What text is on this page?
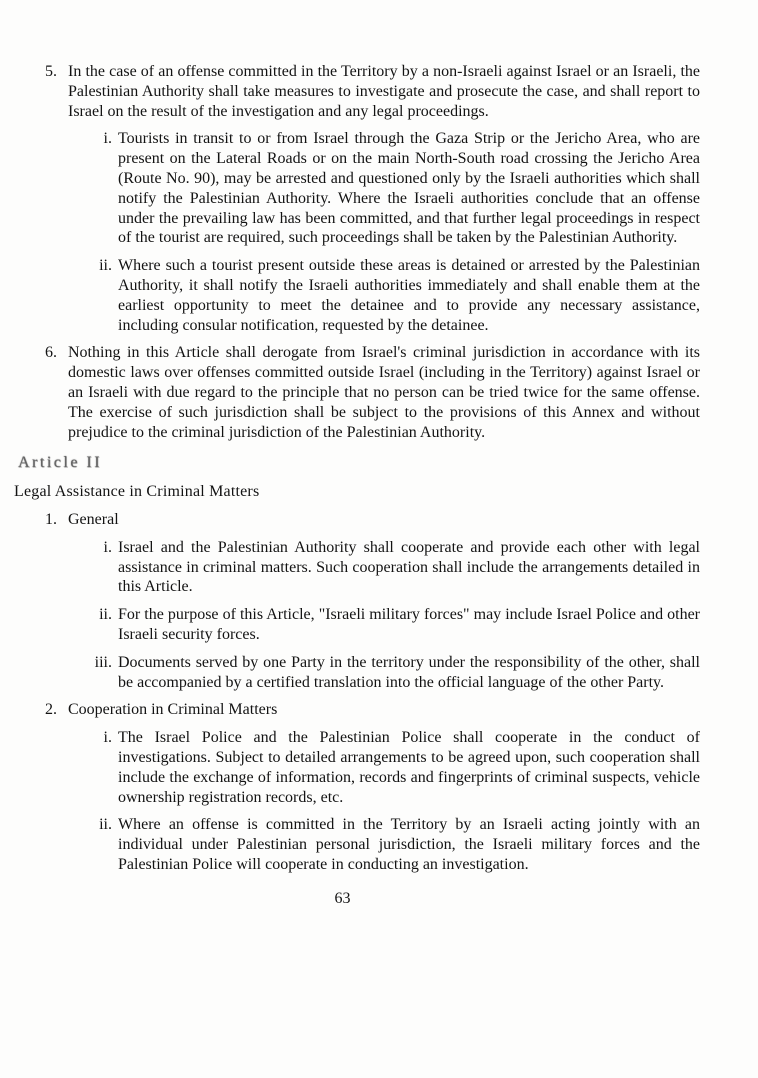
5. In the case of an offense committed in the Territory by a non-Israeli against Israel or an Israeli, the Palestinian Authority shall take measures to investigate and prosecute the case, and shall report to Israel on the result of the investigation and any legal proceedings.
i. Tourists in transit to or from Israel through the Gaza Strip or the Jericho Area, who are present on the Lateral Roads or on the main North-South road crossing the Jericho Area (Route No. 90), may be arrested and questioned only by the Israeli authorities which shall notify the Palestinian Authority. Where the Israeli authorities conclude that an offense under the prevailing law has been committed, and that further legal proceedings in respect of the tourist are required, such proceedings shall be taken by the Palestinian Authority.
ii. Where such a tourist present outside these areas is detained or arrested by the Palestinian Authority, it shall notify the Israeli authorities immediately and shall enable them at the earliest opportunity to meet the detainee and to provide any necessary assistance, including consular notification, requested by the detainee.
6. Nothing in this Article shall derogate from Israel's criminal jurisdiction in accordance with its domestic laws over offenses committed outside Israel (including in the Territory) against Israel or an Israeli with due regard to the principle that no person can be tried twice for the same offense. The exercise of such jurisdiction shall be subject to the provisions of this Annex and without prejudice to the criminal jurisdiction of the Palestinian Authority.
Article II
Legal Assistance in Criminal Matters
1. General
i. Israel and the Palestinian Authority shall cooperate and provide each other with legal assistance in criminal matters. Such cooperation shall include the arrangements detailed in this Article.
ii. For the purpose of this Article, "Israeli military forces" may include Israel Police and other Israeli security forces.
iii. Documents served by one Party in the territory under the responsibility of the other, shall be accompanied by a certified translation into the official language of the other Party.
2. Cooperation in Criminal Matters
i. The Israel Police and the Palestinian Police shall cooperate in the conduct of investigations. Subject to detailed arrangements to be agreed upon, such cooperation shall include the exchange of information, records and fingerprints of criminal suspects, vehicle ownership registration records, etc.
ii. Where an offense is committed in the Territory by an Israeli acting jointly with an individual under Palestinian personal jurisdiction, the Israeli military forces and the Palestinian Police will cooperate in conducting an investigation.
63
